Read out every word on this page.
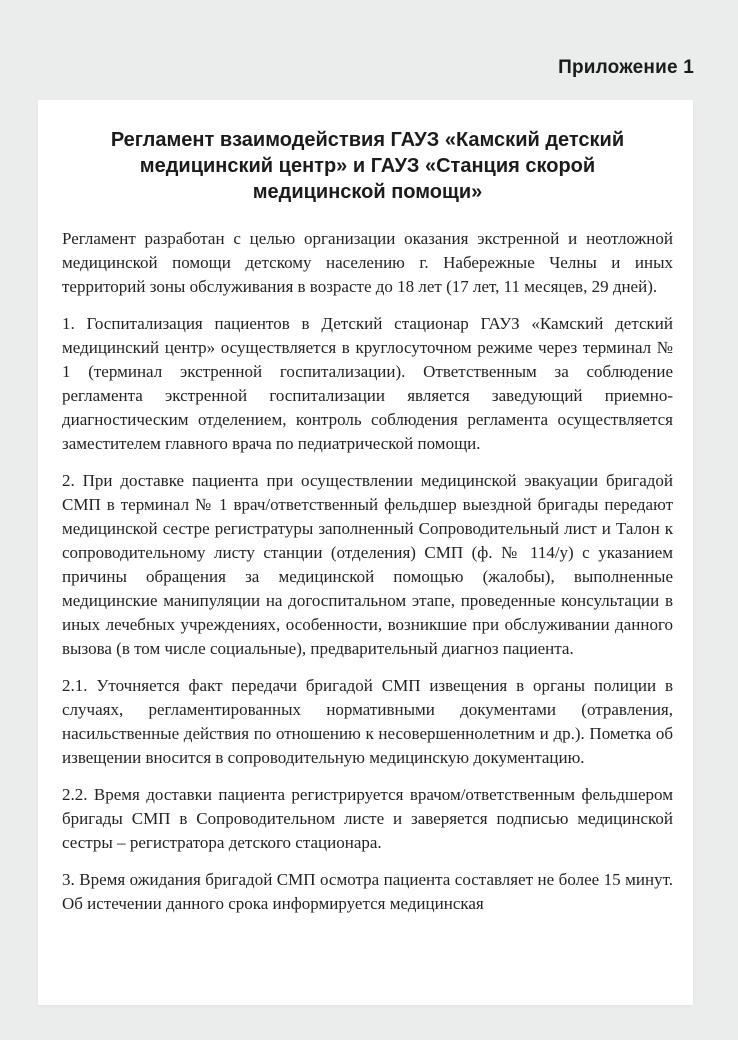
Приложение 1
Регламент взаимодействия ГАУЗ «Камский детский медицинский центр» и ГАУЗ «Станция скорой медицинской помощи»

Регламент разработан с целью организации оказания экстренной и неотложной медицинской помощи детскому населению г. Набережные Челны и иных территорий зоны обслуживания в возрасте до 18 лет (17 лет, 11 месяцев, 29 дней).

1. Госпитализация пациентов в Детский стационар ГАУЗ «Камский детский медицинский центр» осуществляется в круглосуточном режиме через терминал № 1 (терминал экстренной госпитализации). Ответственным за соблюдение регламента экстренной госпитализации является заведующий приемно-диагностическим отделением, контроль соблюдения регламента осуществляется заместителем главного врача по педиатрической помощи.

2. При доставке пациента при осуществлении медицинской эвакуации бригадой СМП в терминал № 1 врач/ответственный фельдшер выездной бригады передают медицинской сестре регистратуры заполненный Сопроводительный лист и Талон к сопроводительному листу станции (отделения) СМП (ф. № 114/у) с указанием причины обращения за медицинской помощью (жалобы), выполненные медицинские манипуляции на догоспитальном этапе, проведенные консультации в иных лечебных учреждениях, особенности, возникшие при обслуживании данного вызова (в том числе социальные), предварительный диагноз пациента.

2.1. Уточняется факт передачи бригадой СМП извещения в органы полиции в случаях, регламентированных нормативными документами (отравления, насильственные действия по отношению к несовершеннолетним и др.). Пометка об извещении вносится в сопроводительную медицинскую документацию.

2.2. Время доставки пациента регистрируется врачом/ответственным фельдшером бригады СМП в Сопроводительном листе и заверяется подписью медицинской сестры – регистратора детского стационара.

3. Время ожидания бригадой СМП осмотра пациента составляет не более 15 минут. Об истечении данного срока информируется медицинская
